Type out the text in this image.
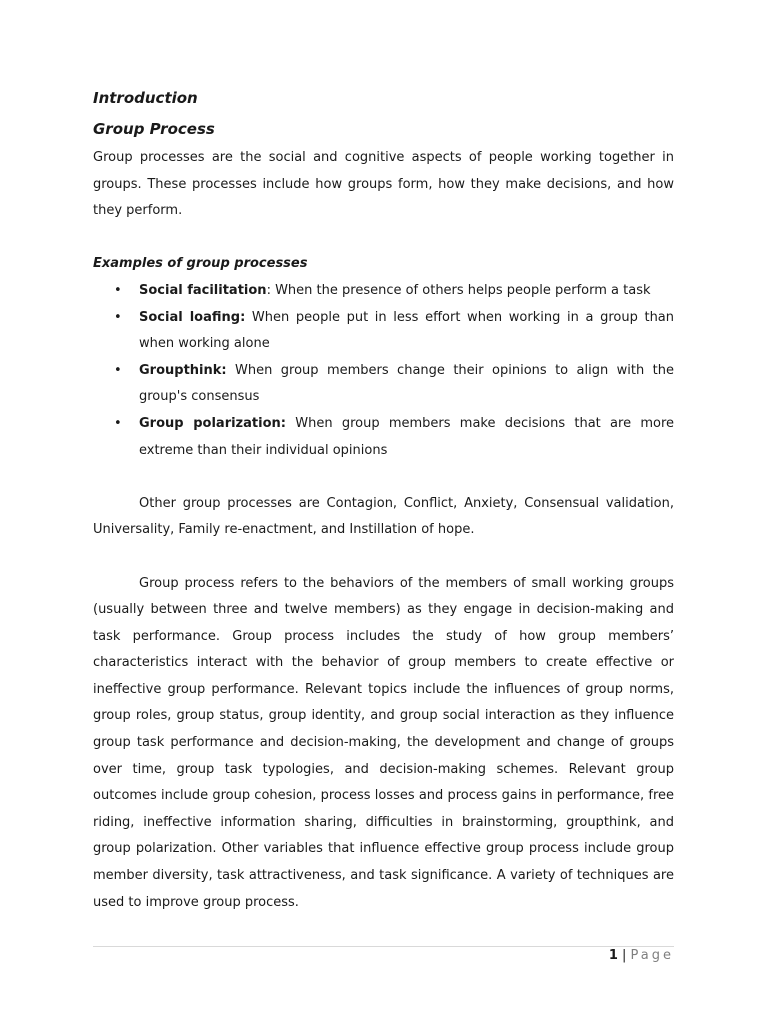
Introduction
Group Process

Group processes are the social and cognitive aspects of people working together in groups. These processes include how groups form, how they make decisions, and how they perform.

Examples of group processes
• Social facilitation: When the presence of others helps people perform a task
• Social loafing: When people put in less effort when working in a group than when working alone
• Groupthink: When group members change their opinions to align with the group's consensus
• Group polarization: When group members make decisions that are more extreme than their individual opinions

Other group processes are Contagion, Conflict, Anxiety, Consensual validation, Universality, Family re-enactment, and Instillation of hope.

Group process refers to the behaviors of the members of small working groups (usually between three and twelve members) as they engage in decision-making and task performance. Group process includes the study of how group members’ characteristics interact with the behavior of group members to create effective or ineffective group performance. Relevant topics include the influences of group norms, group roles, group status, group identity, and group social interaction as they influence group task performance and decision-making, the development and change of groups over time, group task typologies, and decision-making schemes. Relevant group outcomes include group cohesion, process losses and process gains in performance, free riding, ineffective information sharing, difficulties in brainstorming, groupthink, and group polarization. Other variables that influence effective group process include group member diversity, task attractiveness, and task significance. A variety of techniques are used to improve group process.

1 | Page
